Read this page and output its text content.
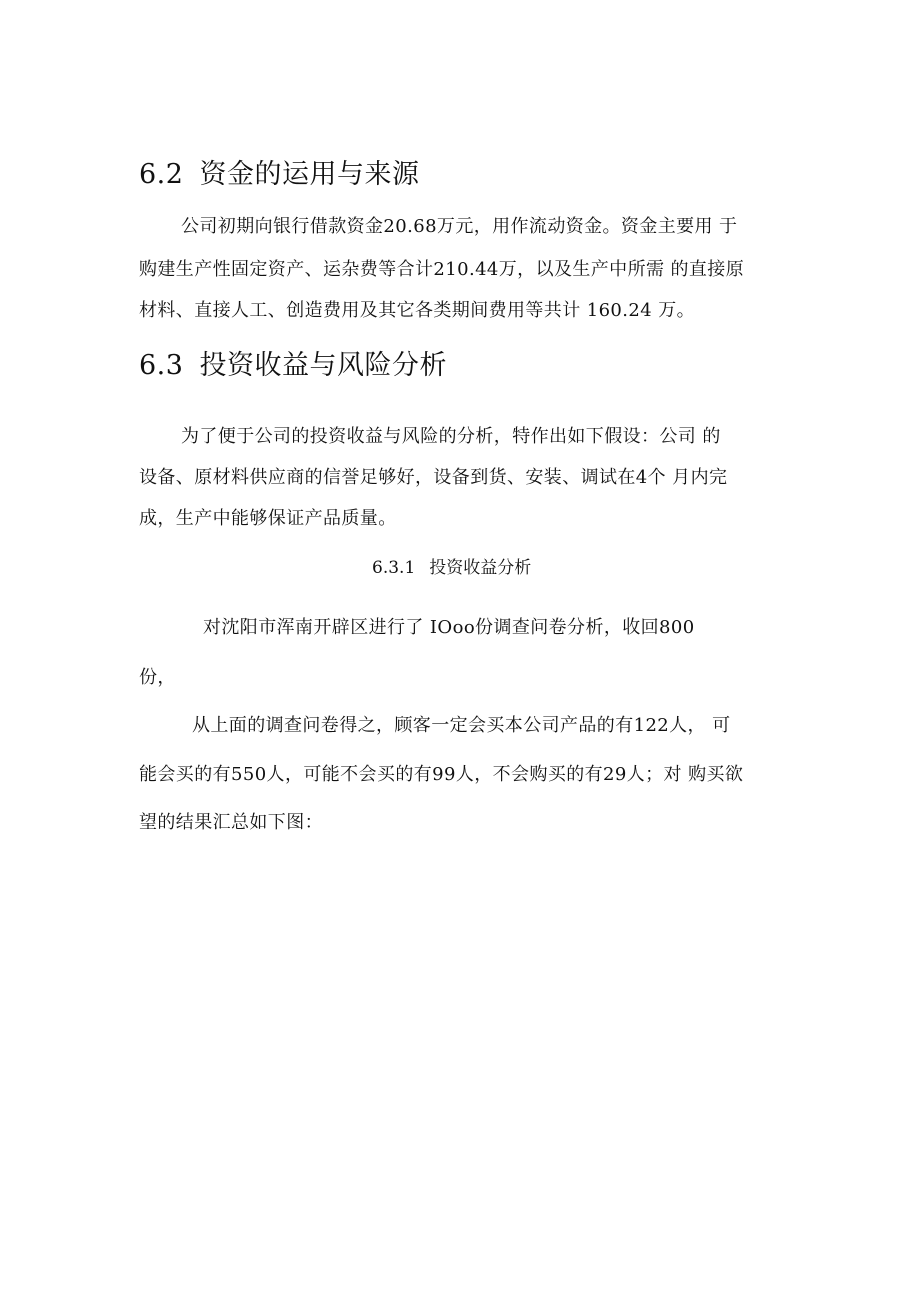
6.2 资金的运用与来源
公司初期向银行借款资金20.68万元，用作流动资金。资金主要用 于
购建生产性固定资产、运杂费等合计210.44万，以及生产中所需 的直接原
材料、直接人工、创造费用及其它各类期间费用等共计 160.24 万。
6.3 投资收益与风险分析
为了便于公司的投资收益与风险的分析，特作出如下假设：公司 的
设备、原材料供应商的信誉足够好，设备到货、安装、调试在4个 月内完
成，生产中能够保证产品质量。
6.3.1 投资收益分析
对沈阳市浑南开辟区进行了 IOoo份调查问卷分析，收回800
份，
从上面的调查问卷得之，顾客一定会买本公司产品的有122人， 可
能会买的有550人，可能不会买的有99人，不会购买的有29人；对 购买欲
望的结果汇总如下图：
